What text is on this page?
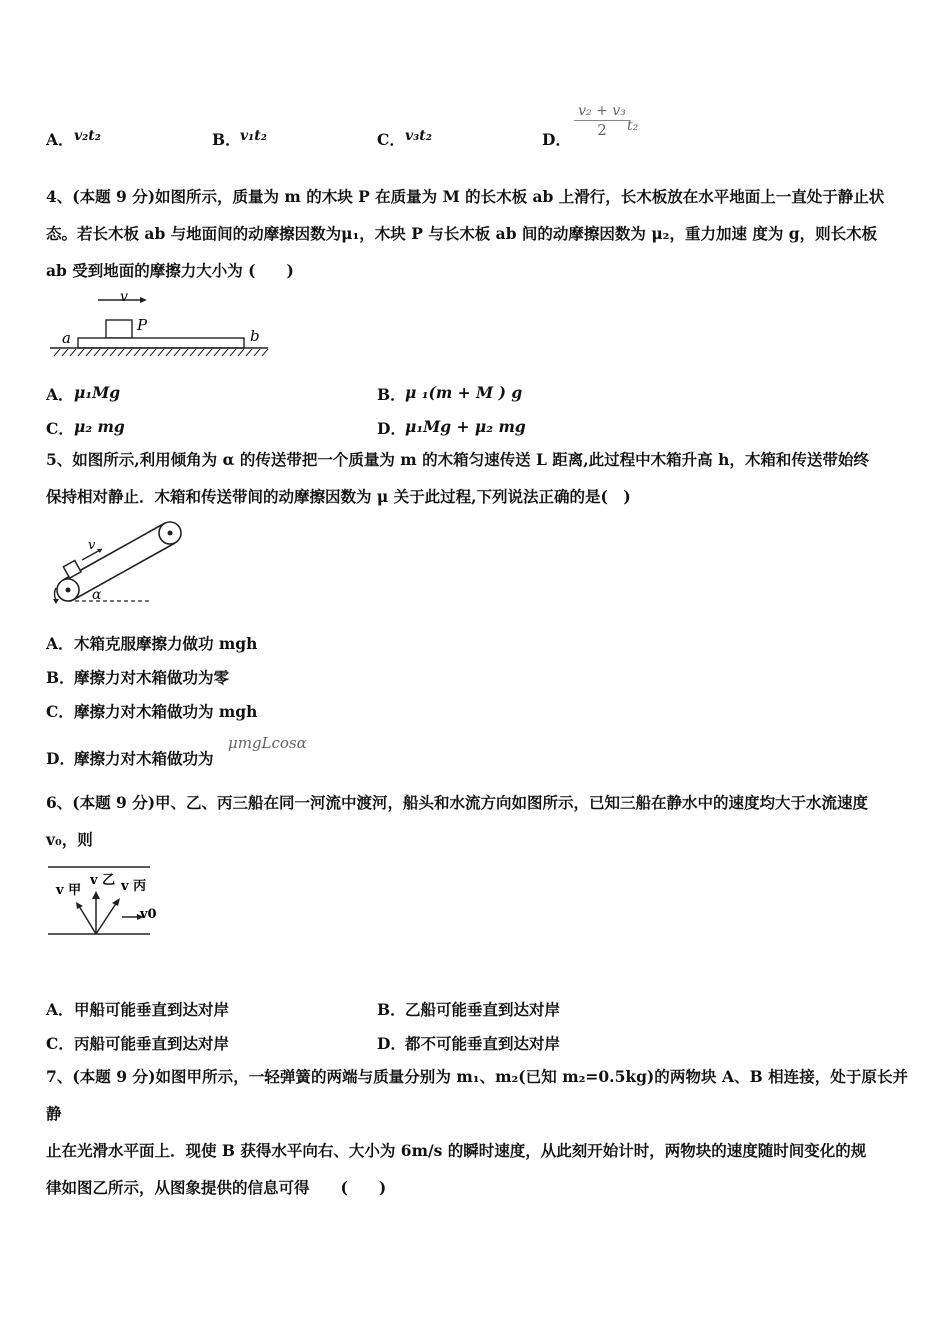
A． v₂t₂	B． v₁t₂	C． v₃t₂	D．
$\frac{\text{v₂ + v₃}}{2}$
t₂
4、(本题 9 分)如图所示，质量为 m 的木块 P 在质量为 M 的长木板 ab 上滑行，长木板放在水平地面上一直处于静止状
态。若长木板 ab 与地面间的动摩擦因数为μ₁，木块 P 与长木板 ab 间的动摩擦因数为 μ₂，重力加速 度为 g，则长木板
ab 受到地面的摩擦力大小为 (　　)
v
P
a	b
A． μ₁Mg	B． μ ₁(m + M ) g
C． μ₂ mg	D． μ₁Mg + μ₂ mg
5、如图所示,利用倾角为 α 的传送带把一个质量为 m 的木箱匀速传送 L 距离,此过程中木箱升高 h，木箱和传送带始终
保持相对静止．木箱和传送带间的动摩擦因数为 μ 关于此过程,下列说法正确的是(　)
v
α
A． 木箱克服摩擦力做功 mgh
B． 摩擦力对木箱做功为零
C． 摩擦力对木箱做功为 mgh
D． 摩擦力对木箱做功为
μmgLcosα
6、(本题 9 分)甲、乙、丙三船在同一河流中渡河，船头和水流方向如图所示，已知三船在静水中的速度均大于水流速度
v₀，则
v 甲
v 乙 v 丙
v0
A． 甲船可能垂直到达对岸	B． 乙船可能垂直到达对岸
C． 丙船可能垂直到达对岸	D． 都不可能垂直到达对岸
7、(本题 9 分)如图甲所示，一轻弹簧的两端与质量分别为 m₁、m₂(已知 m₂=0.5kg)的两物块 A、B 相连接，处于原长并静
止在光滑水平面上．现使 B 获得水平向右、大小为 6m/s 的瞬时速度，从此刻开始计时，两物块的速度随时间变化的规
律如图乙所示，从图象提供的信息可得　　(　　)
